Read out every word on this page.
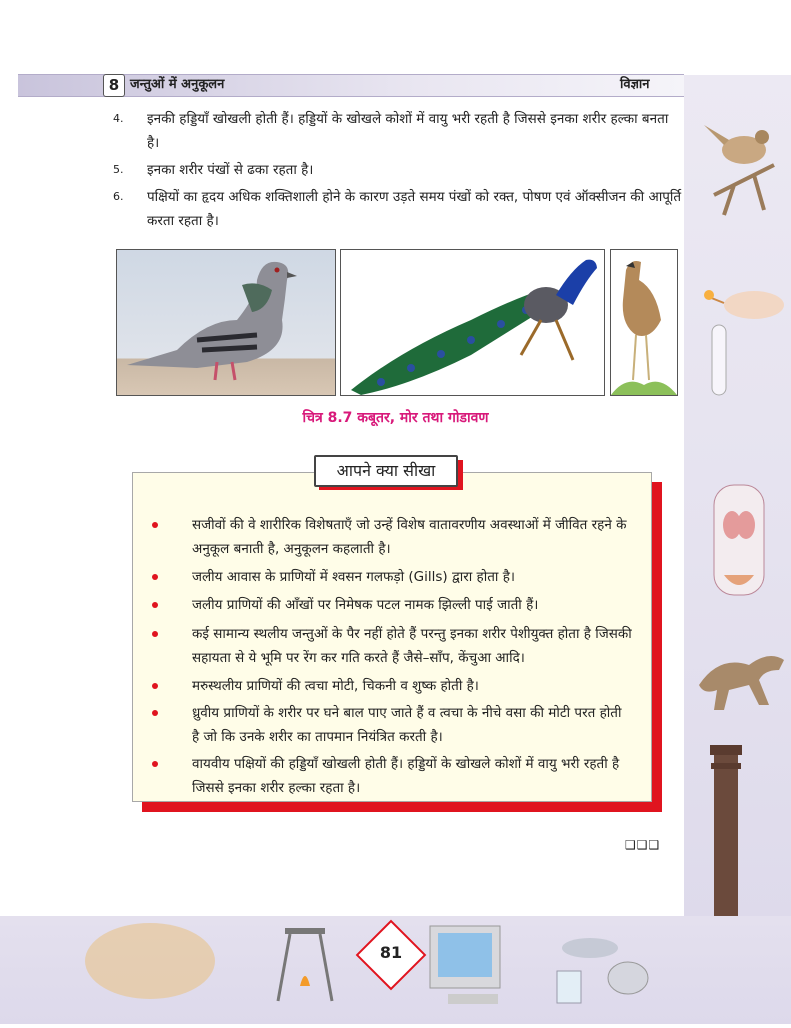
8 जन्तुओं में अनुकूलन	विज्ञान
4. इनकी हड्डियाँ खोखली होती हैं। हड्डियों के खोखले कोशों में वायु भरी रहती है जिससे इनका शरीर हल्का बनता है।
5. इनका शरीर पंखों से ढका रहता है।
6. पक्षियों का हृदय अधिक शक्तिशाली होने के कारण उड़ते समय पंखों को रक्त, पोषण एवं ऑक्सीजन की आपूर्ति करता रहता है।
चित्र 8.7 कबूतर, मोर तथा गोडावण
आपने क्या सीखा
सजीवों की वे शारीरिक विशेषताएँ जो उन्हें विशेष वातावरणीय अवस्थाओं में जीवित रहने के अनुकूल बनाती है, अनुकूलन कहलाती है।
जलीय आवास के प्राणियों में श्वसन गलफड़ो (Gills) द्वारा होता है।
जलीय प्राणियों की आँखों पर निमेषक पटल नामक झिल्ली पाई जाती हैं।
कई सामान्य स्थलीय जन्तुओं के पैर नहीं होते हैं परन्तु इनका शरीर पेशीयुक्त होता है जिसकी सहायता से ये भूमि पर रेंग कर गति करते हैं जैसे–साँप, केंचुआ आदि।
मरुस्थलीय प्राणियों की त्वचा मोटी, चिकनी व शुष्क होती है।
ध्रुवीय प्राणियों के शरीर पर घने बाल पाए जाते हैं व त्वचा के नीचे वसा की मोटी परत होती है जो कि उनके शरीर का तापमान नियंत्रित करती है।
वायवीय पक्षियों की हड्डियाँ खोखली होती हैं। हड्डियों के खोखले कोशों में वायु भरी रहती है जिससे इनका शरीर हल्का रहता है।
❑❑❑
81
